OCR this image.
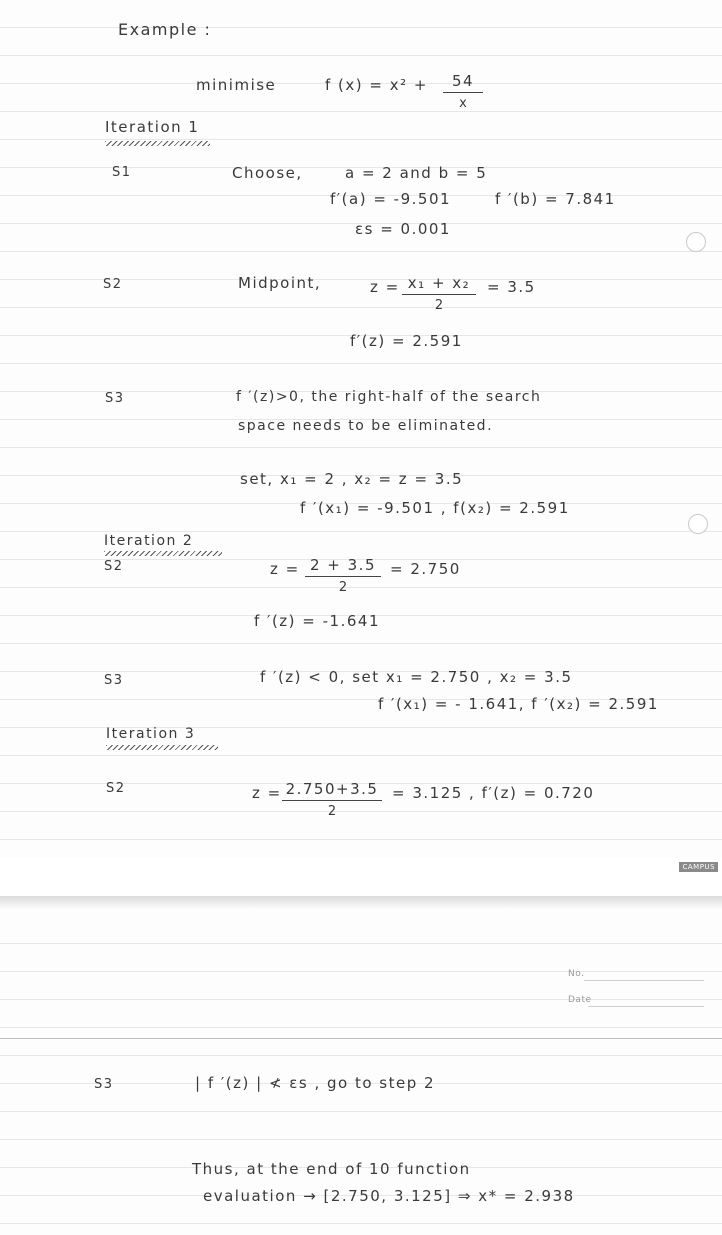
Example :
minimise	f $(x) = x^2 + \frac{54}{x}$
Iteration 1
S1	Choose,	a = 2 and b = 5
f′(a) = -9.501	f ′(b) = 7.841
εs = 0.001
S2	Midpoint,	$z = \frac{\text{x₁ + x₂}}{2} = 3.5$
f′(z) = 2.591
S3	f ′(z)>0, the right-half of the search
space needs to be eliminated.
set, x₁ = 2 , x₂ = z = 3.5
f ′(x₁) = -9.501 , f(x₂) = 2.591
Iteration 2
S2	$z = \frac{2 + 3.5}{2} = 2.750$
f ′(z) = -1.641
S3	f ′(z) < 0, set x₁ = 2.750 , x₂ = 3.5
f ′(x₁) = - 1.641, f ′(x₂) = 2.591
Iteration 3
S2	$z = \frac{2.750+3.5}{2} = 3.125$ , f′(z) = 0.720
CAMPUS
No.
Date
S3	| f ′(z) | ≮ εs , go to step 2
Thus, at the end of 10 function
evaluation → [2.750, 3.125] ⇒ x* = 2.938
